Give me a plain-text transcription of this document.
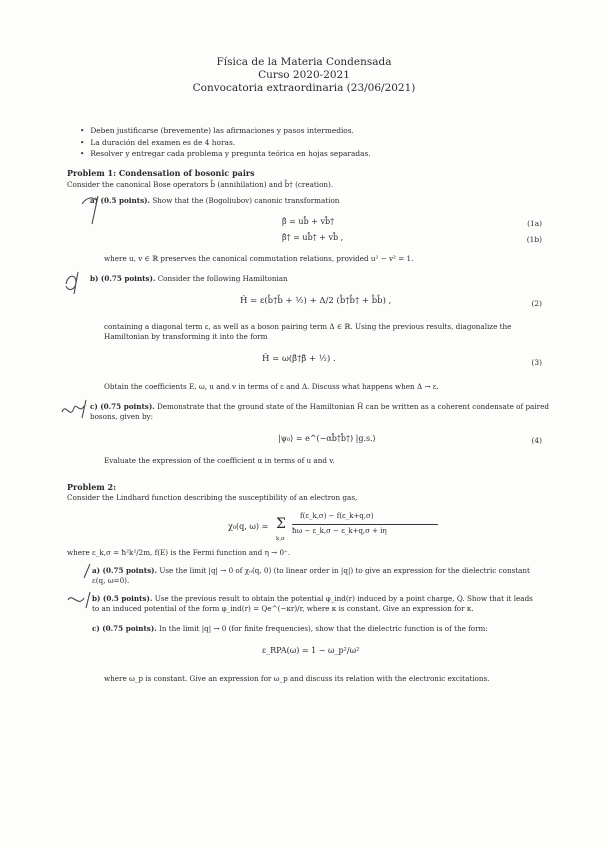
Física de la Materia Condensada
Curso 2020-2021
Convocatoria extraordinaria (23/06/2021)
• Deben justificarse (brevemente) las afirmaciones y pasos intermedios.
• La duración del examen es de 4 horas.
• Resolver y entregar cada problema y pregunta teórica en hojas separadas.
Problem 1: Condensation of bosonic pairs
Consider the canonical Bose operators b̂ (annihilation) and b̂† (creation).
a) (0.5 points). Show that the (Bogoliubov) canonic transformation
β̂ = ub̂ + vb̂†	(1a)
β̂† = ub̂† + vb̂ ,	(1b)
where u, v ∈ ℝ preserves the canonical commutation relations, provided u² − v² = 1.
b) (0.75 points). Consider the following Hamiltonian
Ĥ = ε(b̂†b̂ + ½) + Δ/2 (b̂†b̂† + b̂b̂) ,	(2)
containing a diagonal term ε, as well as a boson pairing term Δ ∈ ℝ. Using the previous results, diagonalize the Hamiltonian by transforming it into the form
Ĥ = ω(β̂†β̂ + ½) .	(3)
Obtain the coefficients E, ω, u and v in terms of ε and Δ. Discuss what happens when Δ → ε.
c) (0.75 points). Demonstrate that the ground state of the Hamiltonian Ĥ can be written as a coherent condensate of paired bosons, given by:
|ψ₀⟩ = e^(−αb̂†b̂†) |g.s.⟩	(4)
Evaluate the expression of the coefficient α in terms of u and v.
Problem 2:
Consider the Lindhard function describing the susceptibility of an electron gas,
χ₀(q, ω) = Σ
k,σ
f(ε_k,σ) − f(ε_k+q,σ)
ħω − ε_k,σ − ε_k+q,σ + iη
where ε_k,σ = ħ²k²/2m, f(E) is the Fermi function and η → 0⁺.
a) (0.75 points). Use the limit |q| → 0 of χ₀(q, 0) (to linear order in |q|) to give an expression for the dielectric constant ε(q, ω=0).
b) (0.5 points). Use the previous result to obtain the potential φ_ind(r) induced by a point charge, Q. Show that it leads to an induced potential of the form φ_ind(r) = Qe^(−κr)/r, where κ is constant. Give an expression for κ.
c) (0.75 points). In the limit |q| → 0 (for finite frequencies), show that the dielectric function is of the form:
ε_RPA(ω) = 1 − ω_p²/ω²
where ω_p is constant. Give an expression for ω_p and discuss its relation with the electronic excitations.
